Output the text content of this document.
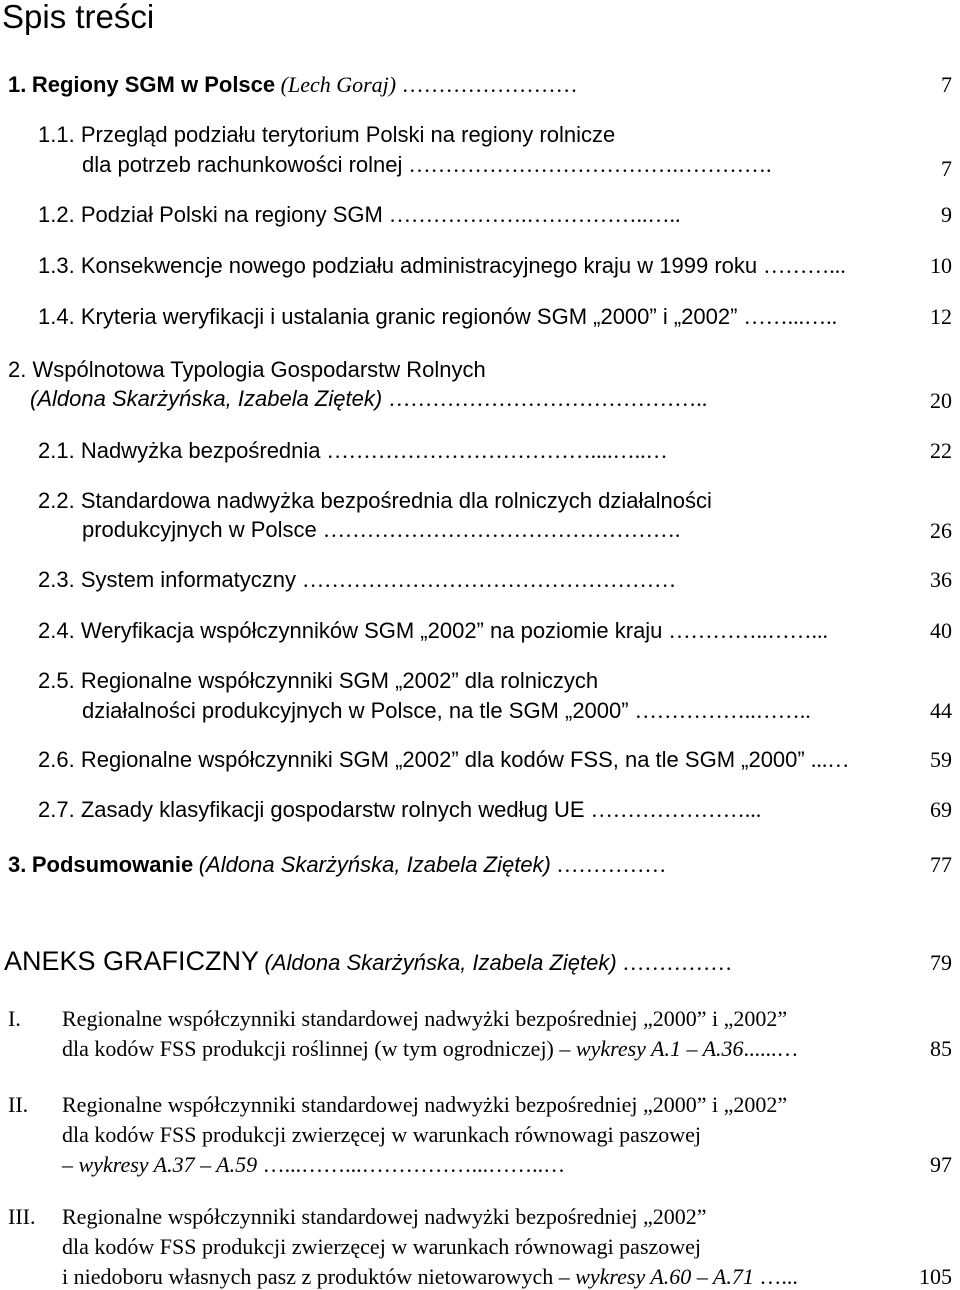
Spis treści
1. Regiony SGM w Polsce (Lech Goraj) ……………………	7
1.1. Przegląd podziału terytorium Polski na regiony rolnicze
dla potrzeb rachunkowości rolnej ……………………………….………….	7
1.2. Podział Polski na regiony SGM ……………….……………..…..	9
1.3. Konsekwencje nowego podziału administracyjnego kraju w 1999 roku ………...	10
1.4. Kryteria weryfikacji i ustalania granic regionów SGM „2000” i „2002” ……...…..	12
2. Wspólnotowa Typologia Gospodarstw Rolnych
(Aldona Skarżyńska, Izabela Ziętek) ……………………………………..	20
2.1. Nadwyżka bezpośrednia ………………………………....…..…	22
2.2. Standardowa nadwyżka bezpośrednia dla rolniczych działalności
produkcyjnych w Polsce ………………………………………….	26
2.3. System informatyczny ……………………………………………	36
2.4. Weryfikacja współczynników SGM „2002” na poziomie kraju …………..……...	40
2.5. Regionalne współczynniki SGM „2002” dla rolniczych
działalności produkcyjnych w Polsce, na tle SGM „2000” ……………..……..	44
2.6. Regionalne współczynniki SGM „2002” dla kodów FSS, na tle SGM „2000” ...…	59
2.7. Zasady klasyfikacji gospodarstw rolnych według UE …………………...	69
3. Podsumowanie (Aldona Skarżyńska, Izabela Ziętek) ……………	77
ANEKS GRAFICZNY (Aldona Skarżyńska, Izabela Ziętek) ……………	79
I. Regionalne współczynniki standardowej nadwyżki bezpośredniej „2000” i „2002”
dla kodów FSS produkcji roślinnej (w tym ogrodniczej) – wykresy A.1 – A.36......…	85
II. Regionalne współczynniki standardowej nadwyżki bezpośredniej „2000” i „2002”
dla kodów FSS produkcji zwierzęcej w warunkach równowagi paszowej
– wykresy A.37 – A.59 …...……...……………...……..…	97
III. Regionalne współczynniki standardowej nadwyżki bezpośredniej „2002”
dla kodów FSS produkcji zwierzęcej w warunkach równowagi paszowej
i niedoboru własnych pasz z produktów nietowarowych – wykresy A.60 – A.71 …...	105
